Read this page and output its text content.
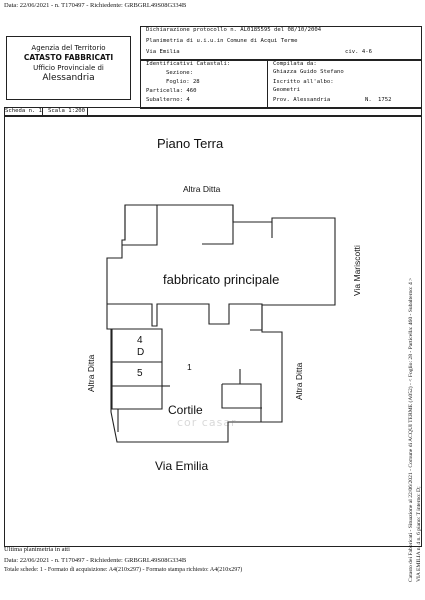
Data: 22/06/2021 - n. T170497 - Richiedente: GRBGRL49S08G334B
Agenzia del Territorio
CATASTO FABBRICATI
Ufficio Provinciale di
Alessandria
Dichiarazione protocollo n. AL0185595 del 08/10/2004
Planimetria di u.i.u.in Comune di Acqui Terme
Via Emilia	civ. 4-6
Identificativi Catastali:
Sezione:
Foglio: 28
Particella: 460
Subalterno: 4
Compilata da:
Ghiazza Guido Stefano
Iscritto all'albo:
Geometri
Prov. Alessandria	N. 1752
Scheda n. 1 Scala 1:200
Piano Terra
Altra Ditta
fabbricato principale	Via Mariscotti
Altra Ditta	Altra Ditta
4
D
5
1
Cortile
cor casar
Via Emilia
Ultima planimetria in atti
Data: 22/06/2021 - n. T170497 - Richiedente: GRBGRL49S08G334B
Totale schede: 1 - Formato di acquisizione: A4(210x297) - Formato stampa richiesto: A4(210x297)	Catasto dei Fabbricati - Situazione al 22/06/2021 - Comune di ACQUI TERME (A052) - < Foglio: 28 - Particella: 460 - Subalterno: 4 > VIA EMILIA n. 4 n. 6 piano: T interno: D;
